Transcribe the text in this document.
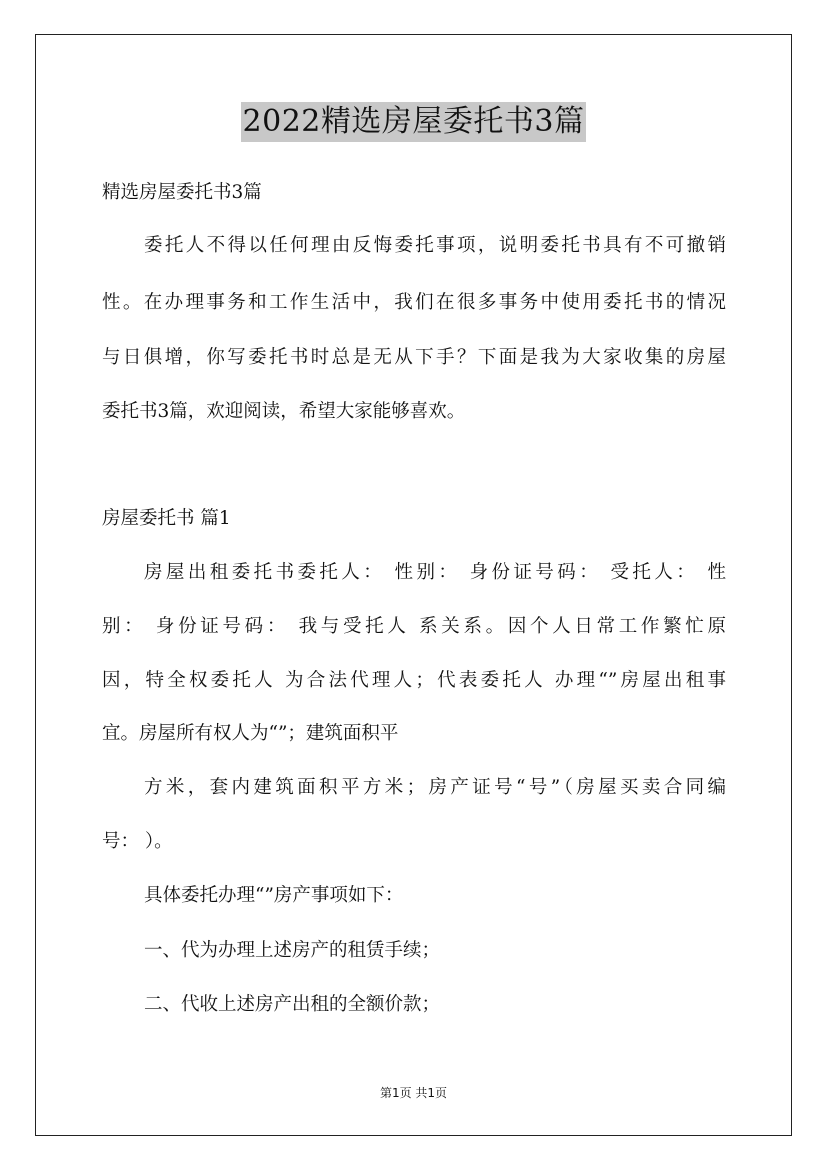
2022精选房屋委托书3篇
精选房屋委托书3篇
委托人不得以任何理由反悔委托事项，说明委托书具有不可撤销
性。在办理事务和工作生活中，我们在很多事务中使用委托书的情况
与日俱增，你写委托书时总是无从下手？下面是我为大家收集的房屋
委托书3篇，欢迎阅读，希望大家能够喜欢。
房屋委托书 篇1
房屋出租委托书委托人： 性别： 身份证号码： 受托人： 性
别： 身份证号码： 我与受托人 系关系。因个人日常工作繁忙原
因，特全权委托人 为合法代理人；代表委托人 办理“”房屋出租事
宜。房屋所有权人为“”；建筑面积平
方米，套内建筑面积平方米；房产证号“号”（房屋买卖合同编
号： ）。
具体委托办理“”房产事项如下：
一、代为办理上述房产的租赁手续；
二、代收上述房产出租的全额价款；
第1页 共1页
